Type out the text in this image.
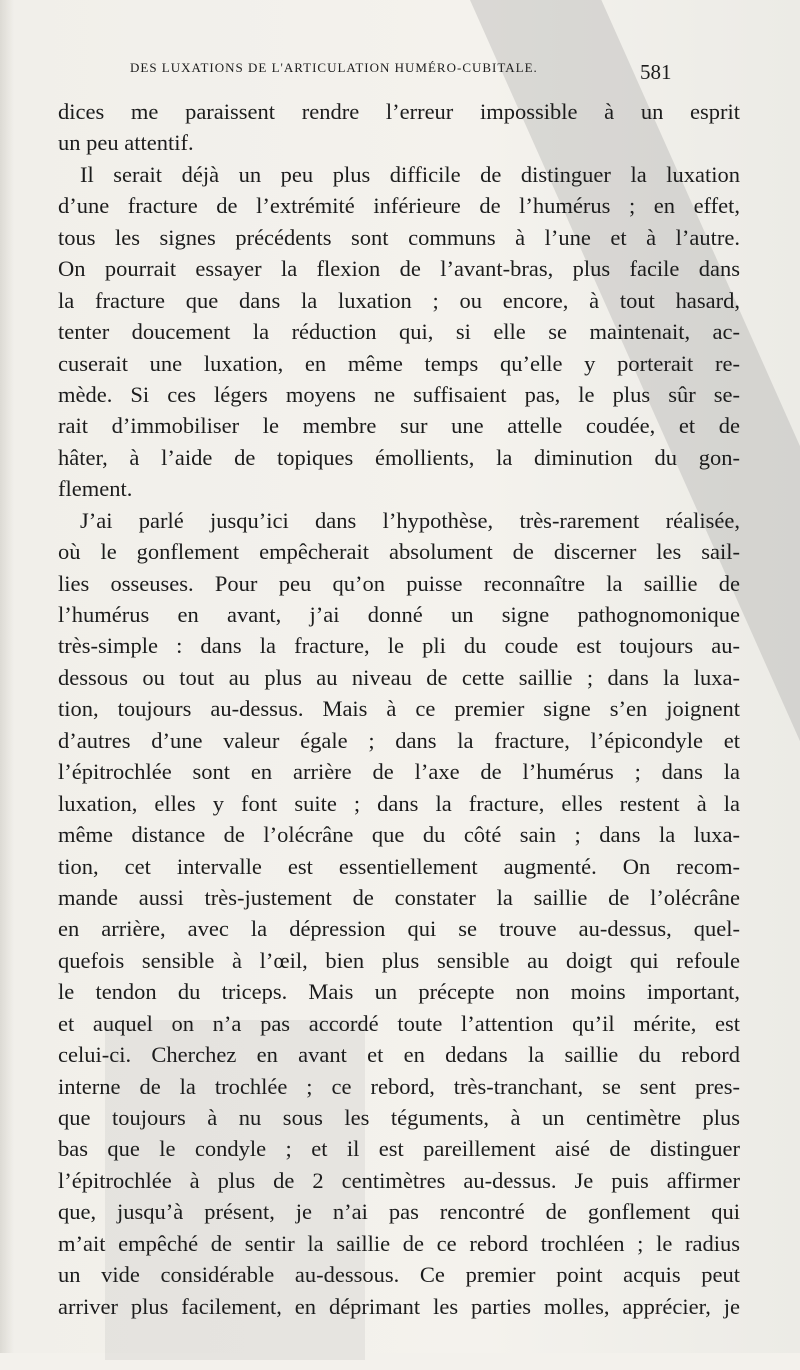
DES LUXATIONS DE L'ARTICULATION HUMÉRO-CUBITALE.	581
dices me paraissent rendre l’erreur impossible à un esprit
un peu attentif.
Il serait déjà un peu plus difficile de distinguer la luxation
d’une fracture de l’extrémité inférieure de l’humérus ; en effet,
tous les signes précédents sont communs à l’une et à l’autre.
On pourrait essayer la flexion de l’avant-bras, plus facile dans
la fracture que dans la luxation ; ou encore, à tout hasard,
tenter doucement la réduction qui, si elle se maintenait, ac-
cuserait une luxation, en même temps qu’elle y porterait re-
mède. Si ces légers moyens ne suffisaient pas, le plus sûr se-
rait d’immobiliser le membre sur une attelle coudée, et de
hâter, à l’aide de topiques émollients, la diminution du gon-
flement.
J’ai parlé jusqu’ici dans l’hypothèse, très-rarement réalisée,
où le gonflement empêcherait absolument de discerner les sail-
lies osseuses. Pour peu qu’on puisse reconnaître la saillie de
l’humérus en avant, j’ai donné un signe pathognomonique
très-simple : dans la fracture, le pli du coude est toujours au-
dessous ou tout au plus au niveau de cette saillie ; dans la luxa-
tion, toujours au-dessus. Mais à ce premier signe s’en joignent
d’autres d’une valeur égale ; dans la fracture, l’épicondyle et
l’épitrochlée sont en arrière de l’axe de l’humérus ; dans la
luxation, elles y font suite ; dans la fracture, elles restent à la
même distance de l’olécrâne que du côté sain ; dans la luxa-
tion, cet intervalle est essentiellement augmenté. On recom-
mande aussi très-justement de constater la saillie de l’olécrâne
en arrière, avec la dépression qui se trouve au-dessus, quel-
quefois sensible à l’œil, bien plus sensible au doigt qui refoule
le tendon du triceps. Mais un précepte non moins important,
et auquel on n’a pas accordé toute l’attention qu’il mérite, est
celui-ci. Cherchez en avant et en dedans la saillie du rebord
interne de la trochlée ; ce rebord, très-tranchant, se sent pres-
que toujours à nu sous les téguments, à un centimètre plus
bas que le condyle ; et il est pareillement aisé de distinguer
l’épitrochlée à plus de 2 centimètres au-dessus. Je puis affirmer
que, jusqu’à présent, je n’ai pas rencontré de gonflement qui
m’ait empêché de sentir la saillie de ce rebord trochléen ; le radius
un vide considérable au-dessous. Ce premier point acquis peut
arriver plus facilement, en déprimant les parties molles, apprécier, je
